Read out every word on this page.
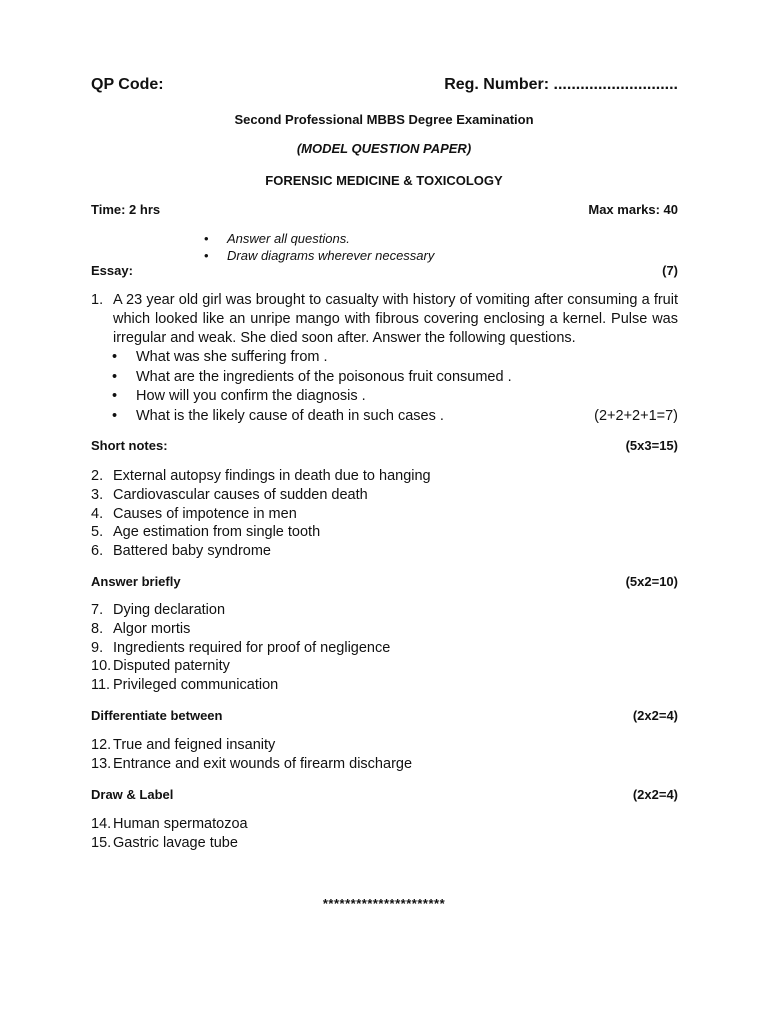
QP Code:	Reg. Number: ............................
Second Professional MBBS Degree Examination
(MODEL QUESTION PAPER)
FORENSIC MEDICINE & TOXICOLOGY
Time: 2 hrs	Max marks: 40
• Answer all questions.
• Draw diagrams wherever necessary
Essay:	(7)
1. A 23 year old girl was brought to casualty with history of vomiting after consuming a fruit which looked like an unripe mango with fibrous covering enclosing a kernel. Pulse was irregular and weak. She died soon after. Answer the following questions.
•	What was she suffering from .
•	What are the ingredients of the poisonous fruit consumed .
•	How will you confirm the diagnosis .
•	What is the likely cause of death in such cases .	(2+2+2+1=7)
Short notes:	(5x3=15)
2. External autopsy findings in death due to hanging
3. Cardiovascular causes of sudden death
4. Causes of impotence in men
5. Age estimation from single tooth
6. Battered baby syndrome
Answer briefly	(5x2=10)
7. Dying declaration
8. Algor mortis
9. Ingredients required for proof of negligence
10. Disputed paternity
11. Privileged communication
Differentiate between	(2x2=4)
12. True and feigned insanity
13. Entrance and exit wounds of firearm discharge
Draw & Label	(2x2=4)
14. Human spermatozoa
15. Gastric lavage tube
**********************
